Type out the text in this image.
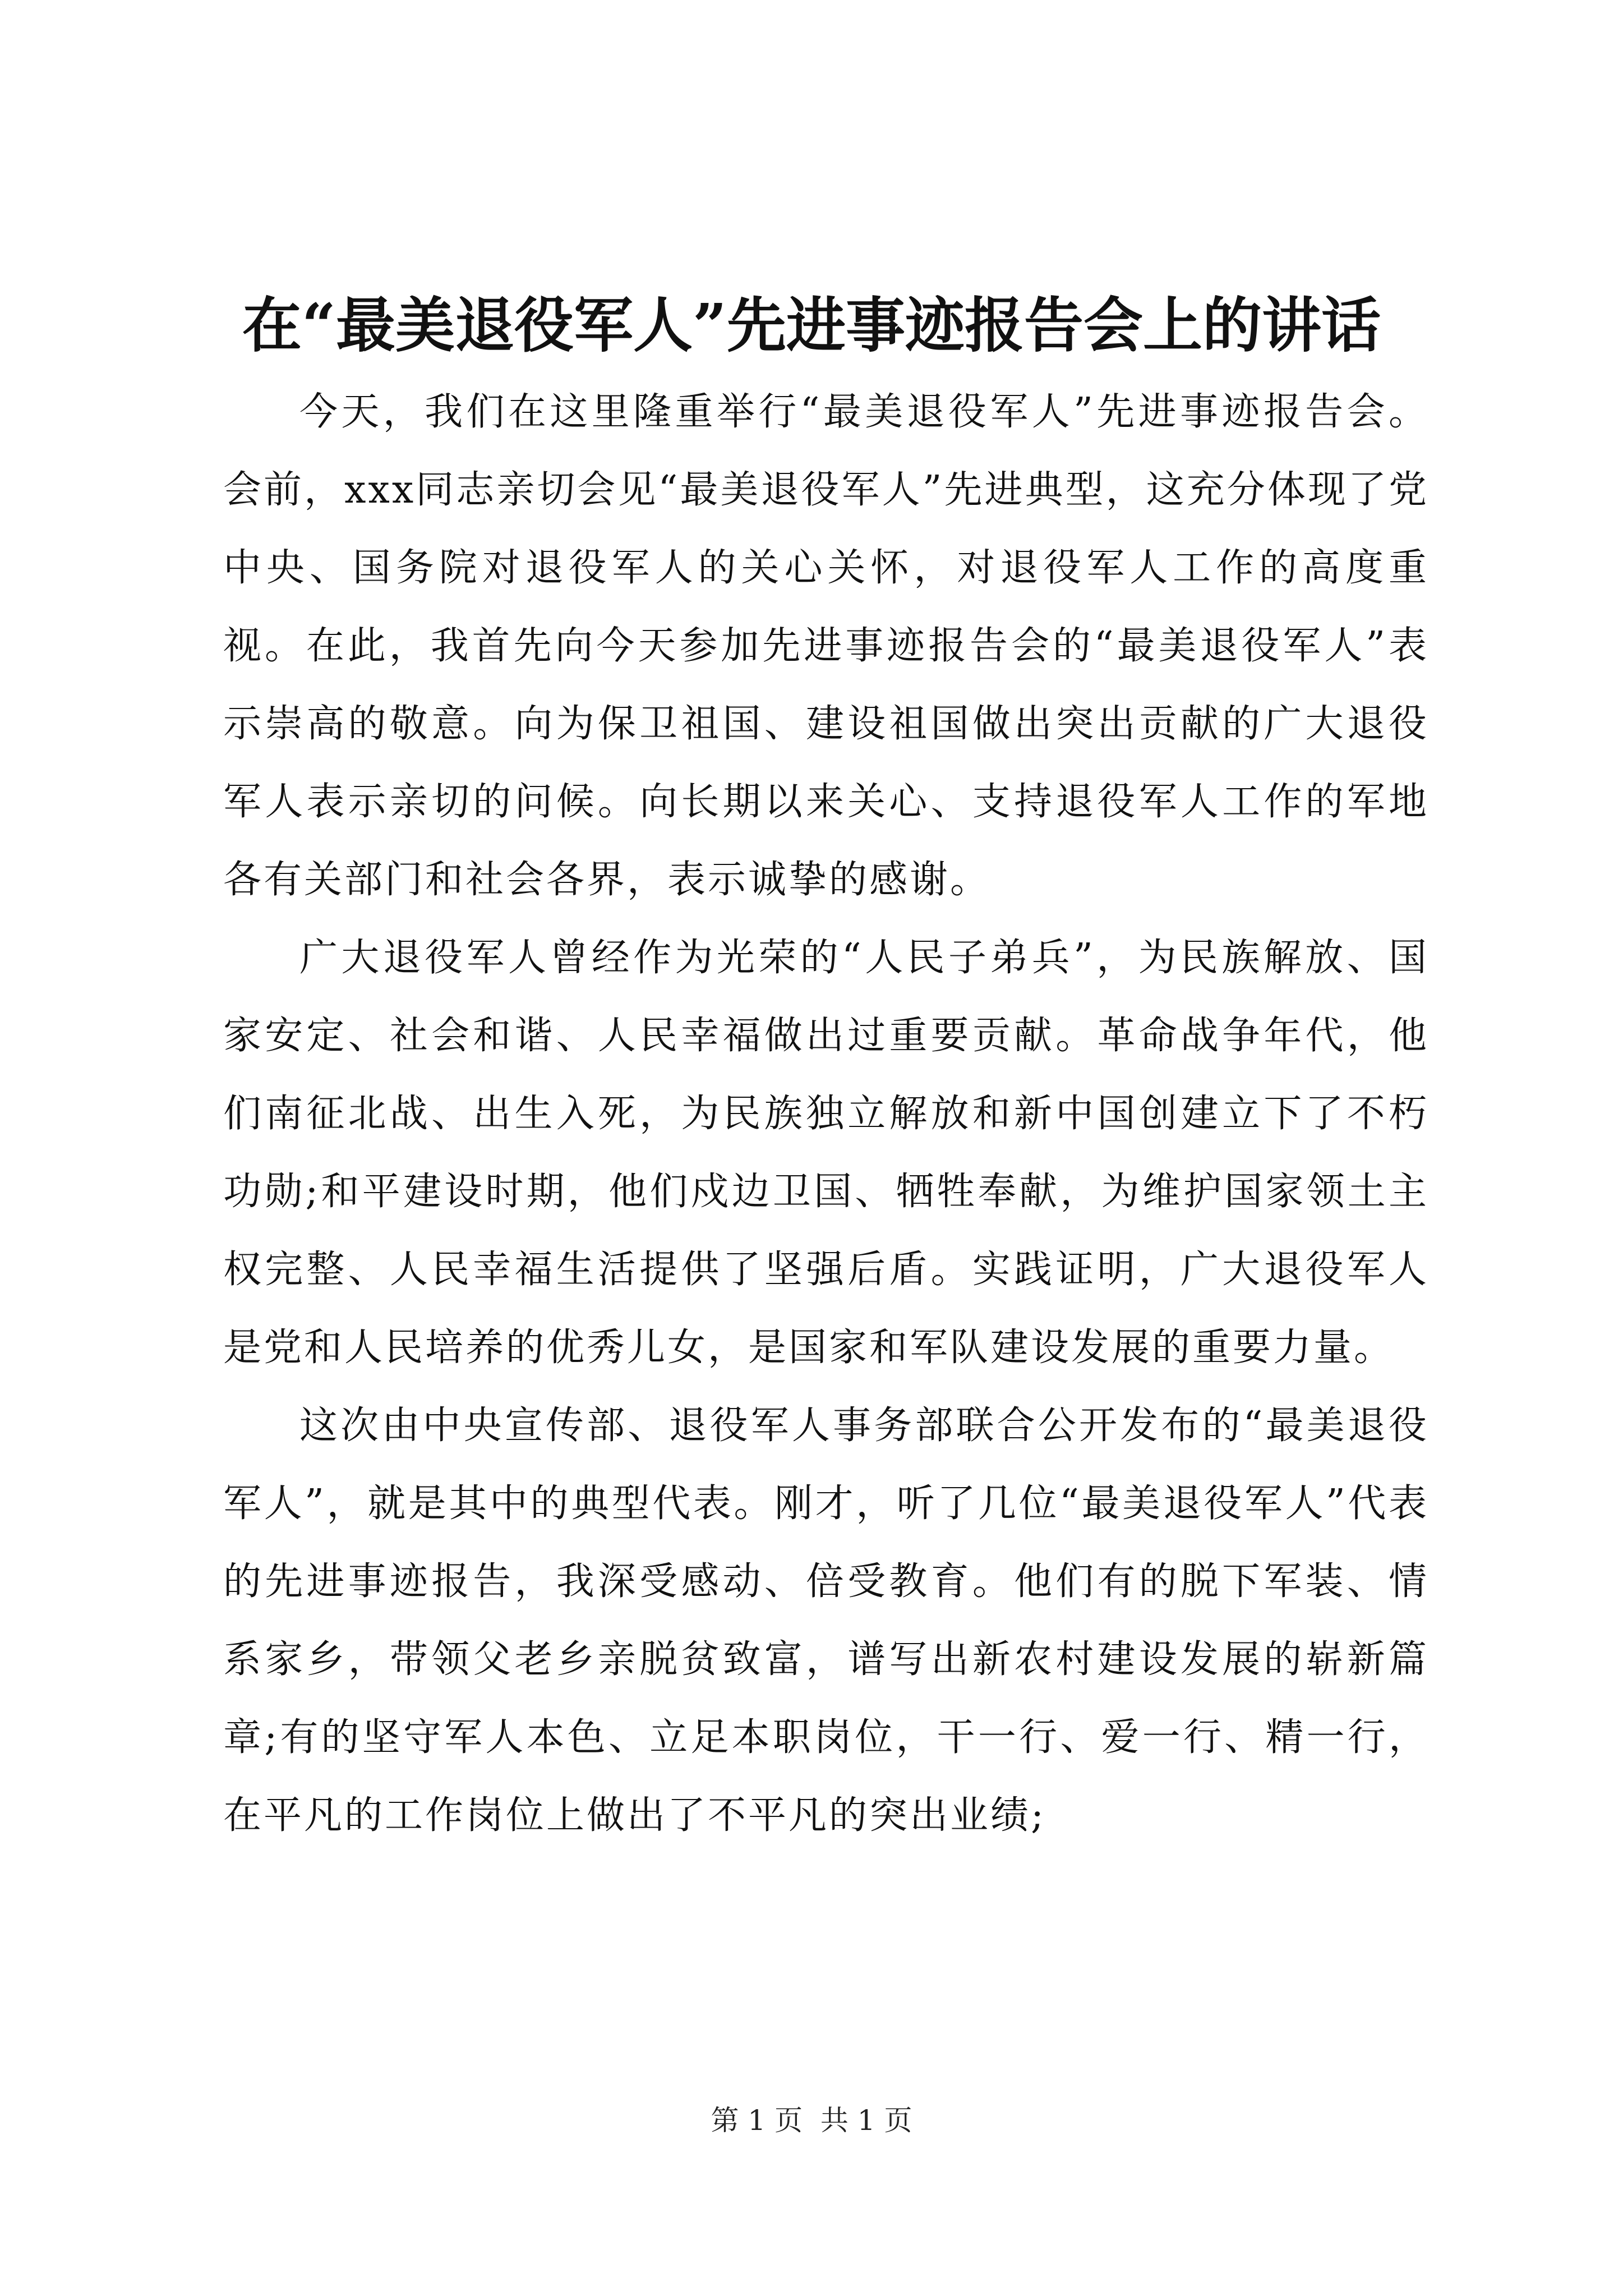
在“最美退役军人”先进事迹报告会上的讲话

今天，我们在这里隆重举行“最美退役军人”先进事迹报告会。会前，xxx同志亲切会见“最美退役军人”先进典型，这充分体现了党中央、国务院对退役军人的关心关怀，对退役军人工作的高度重视。在此，我首先向今天参加先进事迹报告会的“最美退役军人”表示崇高的敬意。向为保卫祖国、建设祖国做出突出贡献的广大退役军人表示亲切的问候。向长期以来关心、支持退役军人工作的军地各有关部门和社会各界，表示诚挚的感谢。

广大退役军人曾经作为光荣的“人民子弟兵”，为民族解放、国家安定、社会和谐、人民幸福做出过重要贡献。革命战争年代，他们南征北战、出生入死，为民族独立解放和新中国创建立下了不朽功勋;和平建设时期，他们戍边卫国、牺牲奉献，为维护国家领土主权完整、人民幸福生活提供了坚强后盾。实践证明，广大退役军人是党和人民培养的优秀儿女，是国家和军队建设发展的重要力量。

这次由中央宣传部、退役军人事务部联合公开发布的“最美退役军人”，就是其中的典型代表。刚才，听了几位“最美退役军人”代表的先进事迹报告，我深受感动、倍受教育。他们有的脱下军装、情系家乡，带领父老乡亲脱贫致富，谱写出新农村建设发展的崭新篇章;有的坚守军人本色、立足本职岗位，干一行、爱一行、精一行，在平凡的工作岗位上做出了不平凡的突出业绩;

第 1 页  共 1 页
